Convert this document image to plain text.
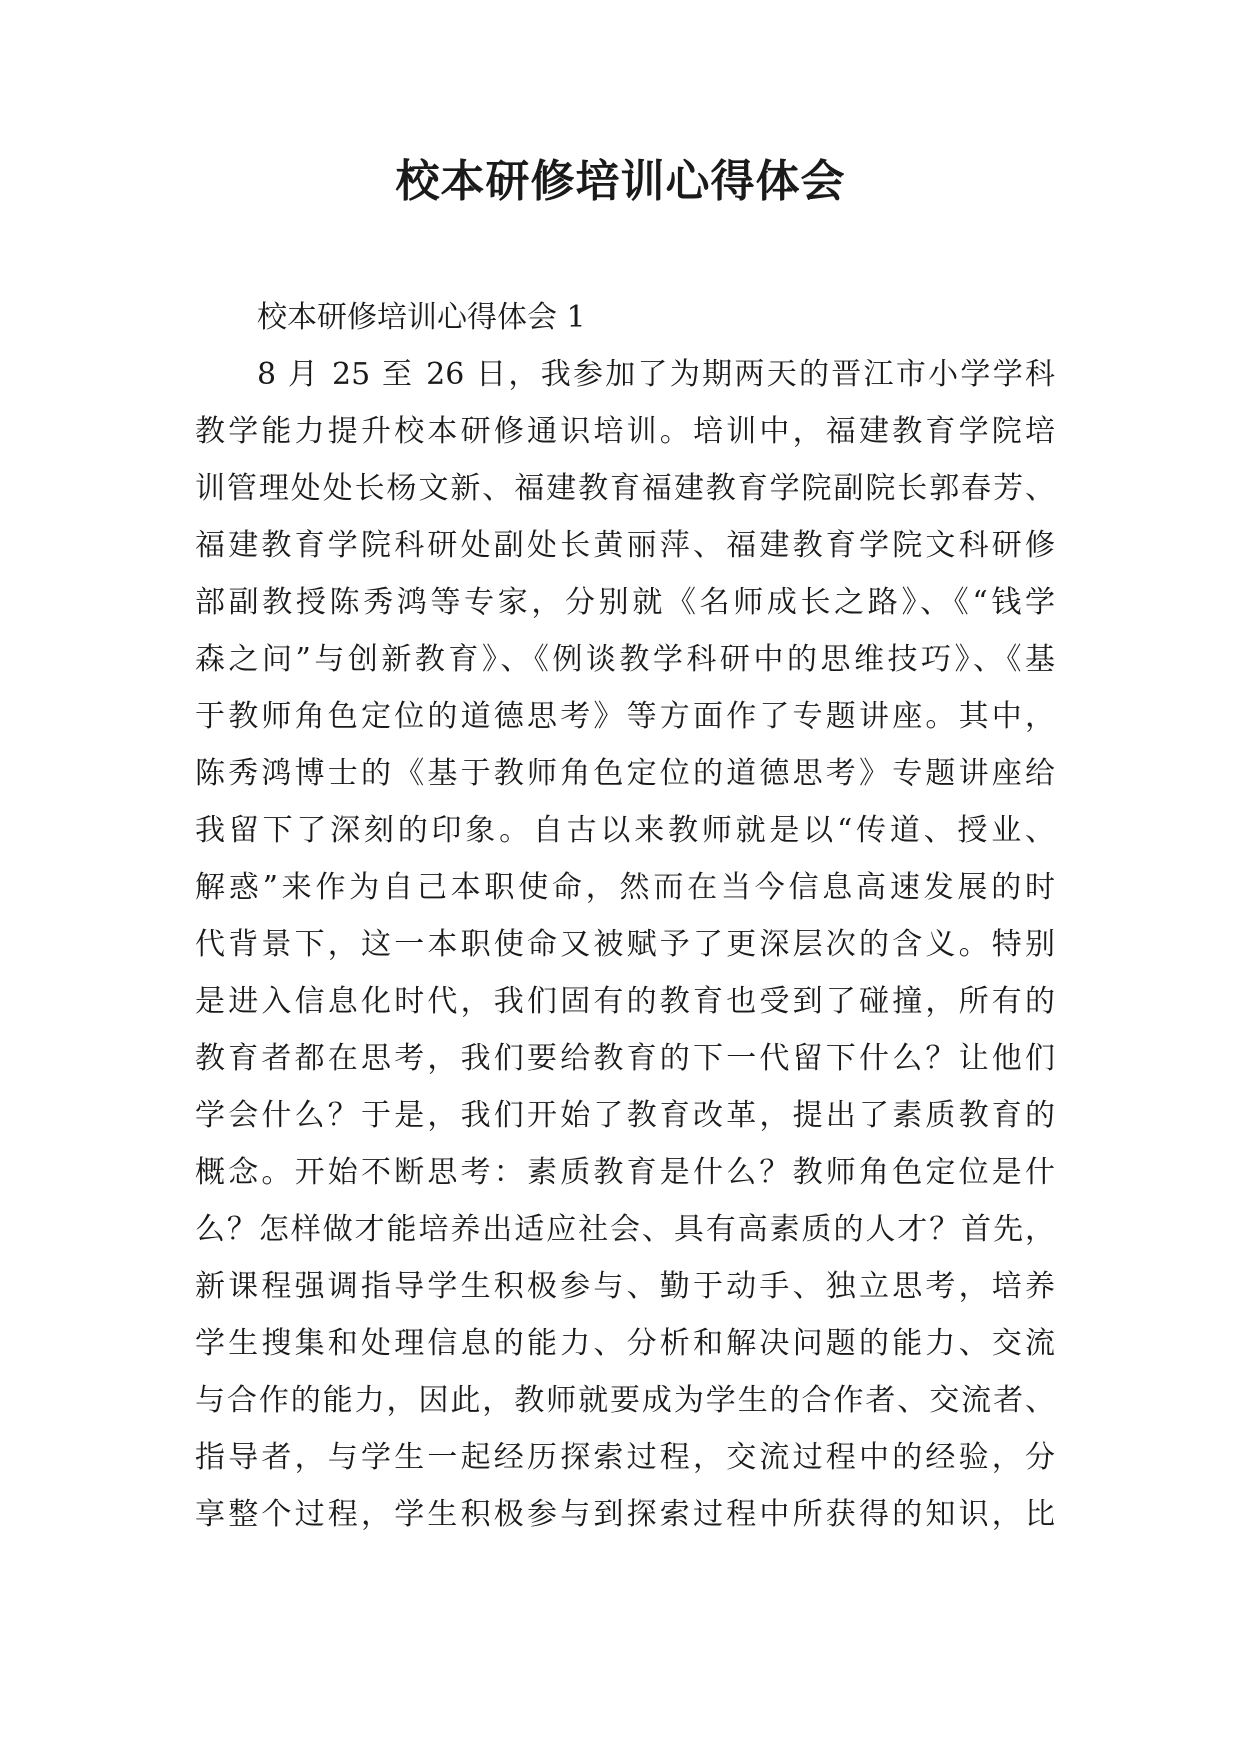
校本研修培训心得体会
校本研修培训心得体会 1
8 月 25 至 26 日，我参加了为期两天的晋江市小学学科
教学能力提升校本研修通识培训。培训中，福建教育学院培
训管理处处长杨文新、福建教育福建教育学院副院长郭春芳、
福建教育学院科研处副处长黄丽萍、福建教育学院文科研修
部副教授陈秀鸿等专家，分别就《名师成长之路》、《“钱学
森之问”与创新教育》、《例谈教学科研中的思维技巧》、《基
于教师角色定位的道德思考》等方面作了专题讲座。其中，
陈秀鸿博士的《基于教师角色定位的道德思考》专题讲座给
我留下了深刻的印象。自古以来教师就是以“传道、授业、
解惑”来作为自己本职使命，然而在当今信息高速发展的时
代背景下，这一本职使命又被赋予了更深层次的含义。特别
是进入信息化时代，我们固有的教育也受到了碰撞，所有的
教育者都在思考，我们要给教育的下一代留下什么？让他们
学会什么？于是，我们开始了教育改革，提出了素质教育的
概念。开始不断思考：素质教育是什么？教师角色定位是什
么？怎样做才能培养出适应社会、具有高素质的人才？首先，
新课程强调指导学生积极参与、勤于动手、独立思考，培养
学生搜集和处理信息的能力、分析和解决问题的能力、交流
与合作的能力，因此，教师就要成为学生的合作者、交流者、
指导者，与学生一起经历探索过程，交流过程中的经验，分
享整个过程，学生积极参与到探索过程中所获得的知识，比
